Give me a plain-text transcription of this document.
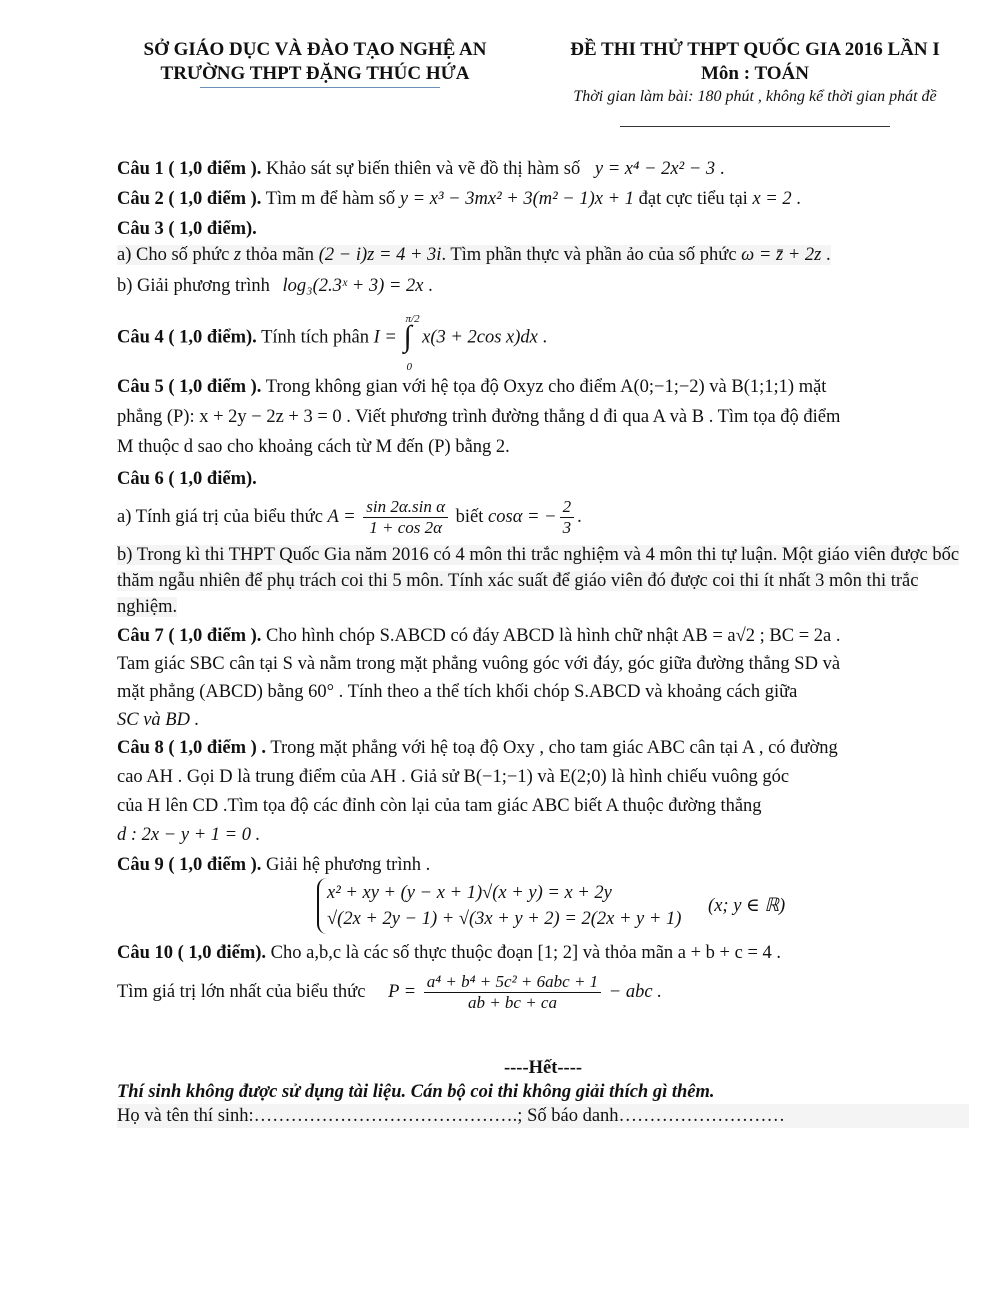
SỞ GIÁO DỤC VÀ ĐÀO TẠO NGHỆ AN
TRƯỜNG THPT ĐẶNG THÚC HỨA
ĐỀ THI THỬ THPT QUỐC GIA 2016 LẦN I
Môn : TOÁN
Thời gian làm bài: 180 phút , không kể thời gian phát đề

Câu 1 ( 1,0 điểm ). Khảo sát sự biến thiên và vẽ đồ thị hàm số y = x⁴ − 2x² − 3 .

Câu 2 ( 1,0 điểm ). Tìm m để hàm số y = x³ − 3mx² + 3(m² − 1)x + 1 đạt cực tiểu tại x = 2 .

Câu 3 ( 1,0 điểm).
a) Cho số phức z thỏa mãn (2 − i)z = 4 + 3i. Tìm phần thực và phần ảo của số phức ω = z̄ + 2z .
b) Giải phương trình log₃(2.3ˣ + 3) = 2x .

Câu 4 ( 1,0 điểm). Tính tích phân I = ∫
π/2
0
x(3 + 2cos x)dx .

Câu 5 ( 1,0 điểm ). Trong không gian với hệ tọa độ Oxyz cho điểm A(0;−1;−2) và B(1;1;1) mặt
phẳng (P): x + 2y − 2z + 3 = 0 . Viết phương trình đường thẳng d đi qua A và B . Tìm tọa độ điểm
M thuộc d sao cho khoảng cách từ M đến (P) bằng 2.

Câu 6 ( 1,0 điểm).
a) Tính giá trị của biểu thức $A = \frac{\text{sin 2α.sin α}}{1 + \cos 2\alpha}$ biết cosα = − $\frac{2}{3}$ .
b) Trong kì thi THPT Quốc Gia năm 2016 có 4 môn thi trắc nghiệm và 4 môn thi tự luận. Một giáo viên được bốc thăm ngẫu nhiên để phụ trách coi thi 5 môn. Tính xác suất để giáo viên đó được coi thi ít nhất 3 môn thi trắc nghiệm.

Câu 7 ( 1,0 điểm ). Cho hình chóp S.ABCD có đáy ABCD là hình chữ nhật AB = a√2 ; BC = 2a .
Tam giác SBC cân tại S và nằm trong mặt phẳng vuông góc với đáy, góc giữa đường thẳng SD và
mặt phẳng (ABCD) bằng 60° . Tính theo a thể tích khối chóp S.ABCD và khoảng cách giữa
SC và BD .

Câu 8 ( 1,0 điểm ) . Trong mặt phẳng với hệ toạ độ Oxy , cho tam giác ABC cân tại A , có đường
cao AH . Gọi D là trung điểm của AH . Giả sử B(−1;−1) và E(2;0) là hình chiếu vuông góc
của H lên CD .Tìm tọa độ các đỉnh còn lại của tam giác ABC biết A thuộc đường thẳng
d : 2x − y + 1 = 0 .

Câu 9 ( 1,0 điểm ). Giải hệ phương trình .
x² + xy + (y − x + 1)√(x + y) = x + 2y
√(2x + 2y − 1) + √(3x + y + 2) = 2(2x + y + 1) (x; y ∈ ℝ)

Câu 10 ( 1,0 điểm). Cho a,b,c là các số thực thuộc đoạn [1; 2] và thỏa mãn a + b + c = 4 .
Tìm giá trị lớn nhất của biểu thức $P = \frac{\text{a⁴ + b⁴ + 5c² + 6abc + 1}}{ab + bc + ca}$ − abc .

----Hết----
Thí sinh không được sử dụng tài liệu. Cán bộ coi thi không giải thích gì thêm.
Họ và tên thí sinh:…………………………………….; Số báo danh………………………
